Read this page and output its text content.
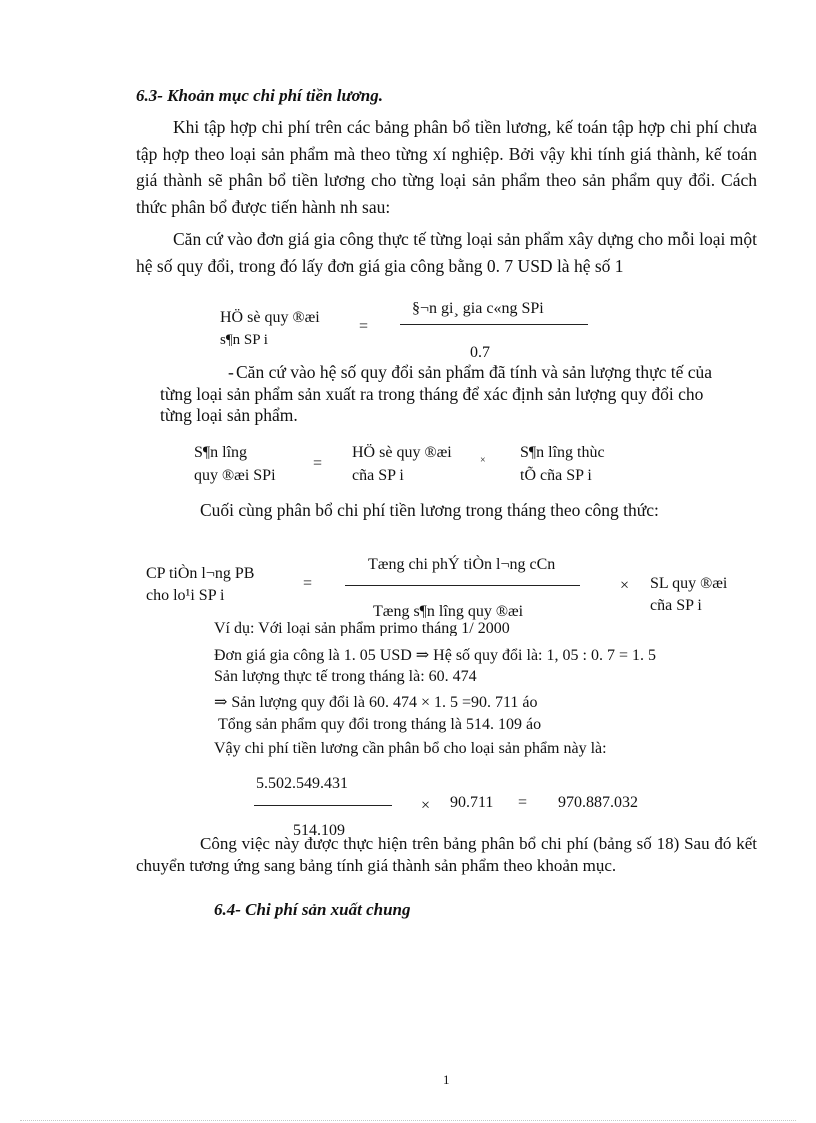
6.3- Khoản mục chi phí tiền lương.
Khi tập hợp chi phí trên các bảng phân bổ tiền lương, kế toán tập hợp chi phí chưa tập hợp theo loại sản phẩm mà theo từng xí nghiệp. Bởi vậy khi tính giá thành, kế toán giá thành sẽ phân bổ tiền lương cho từng loại sản phẩm theo sản phẩm quy đổi. Cách thức phân bổ được tiến hành nh sau:
Căn cứ vào đơn giá gia công thực tế từng loại sản phẩm xây dựng cho mỗi loại một hệ số quy đổi, trong đó lấy đơn giá gia công bằng 0. 7 USD là hệ số 1
HÖ sè quy ®æi
s¶n SP i
=
§¬n gi¸ gia c«ng SPi
0.7
- Căn cứ vào hệ số quy đổi sản phẩm đã tính và sản lượng thực tế của
từng loại sản phẩm sản xuất ra trong tháng để xác định sản lượng quy đổi cho
từng loại sản phẩm.
S¶n lîng
quy ®æi SPi
=
HÖ sè quy ®æi
cña SP i
× S¶n lîng thùc
tÕ cña SP i
Cuối cùng phân bổ chi phí tiền lương trong tháng theo công thức:
CP tiÒn l¬ng PB
cho lo¹i SP i
=
Tæng chi phÝ tiÒn l¬ng cCn
Tæng s¶n lîng quy ®æi
× SL quy ®æi
cña SP i
Ví dụ: Với loại sản phẩm primo tháng 1/ 2000
Đơn giá gia công là 1. 05 USD ⇒ Hệ số quy đổi là: 1, 05 : 0. 7 = 1. 5
Sản lượng thực tế trong tháng là: 60. 474
⇒ Sản lượng quy đổi là 60. 474 × 1. 5 =90. 711 áo
Tổng sản phẩm quy đổi trong tháng là 514. 109 áo
Vậy chi phí tiền lương cần phân bổ cho loại sản phẩm này là:
5.502.549.431
514.109
× 90.711 = 970.887.032
Công việc này được thực hiện trên bảng phân bổ chi phí (bảng số 18) Sau đó kết chuyển tương ứng sang bảng tính giá thành sản phẩm theo khoản mục.
6.4- Chi phí sản xuất chung
1
